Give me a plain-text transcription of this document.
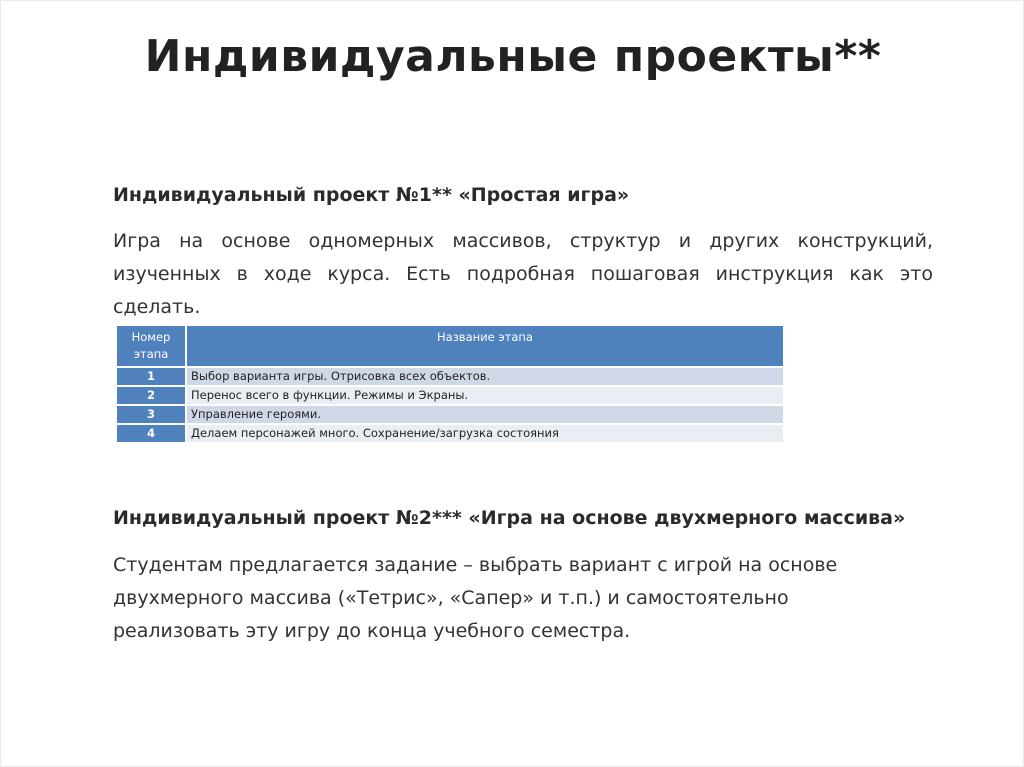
Индивидуальные проекты**
Индивидуальный проект №1** «Простая игра»
Игра на основе одномерных массивов, структур и других конструкций, изученных в ходе курса. Есть подробная пошаговая инструкция как это сделать.
Номер этапа	Название этапа
1	Выбор варианта игры. Отрисовка всех объектов.
2	Перенос всего в функции. Режимы и Экраны.
3	Управление героями.
4	Делаем персонажей много. Сохранение/загрузка состояния
Индивидуальный проект №2*** «Игра на основе двухмерного массива»
Студентам предлагается задание – выбрать вариант с игрой на основе двухмерного массива («Тетрис», «Сапер» и т.п.) и самостоятельно реализовать эту игру до конца учебного семестра.
